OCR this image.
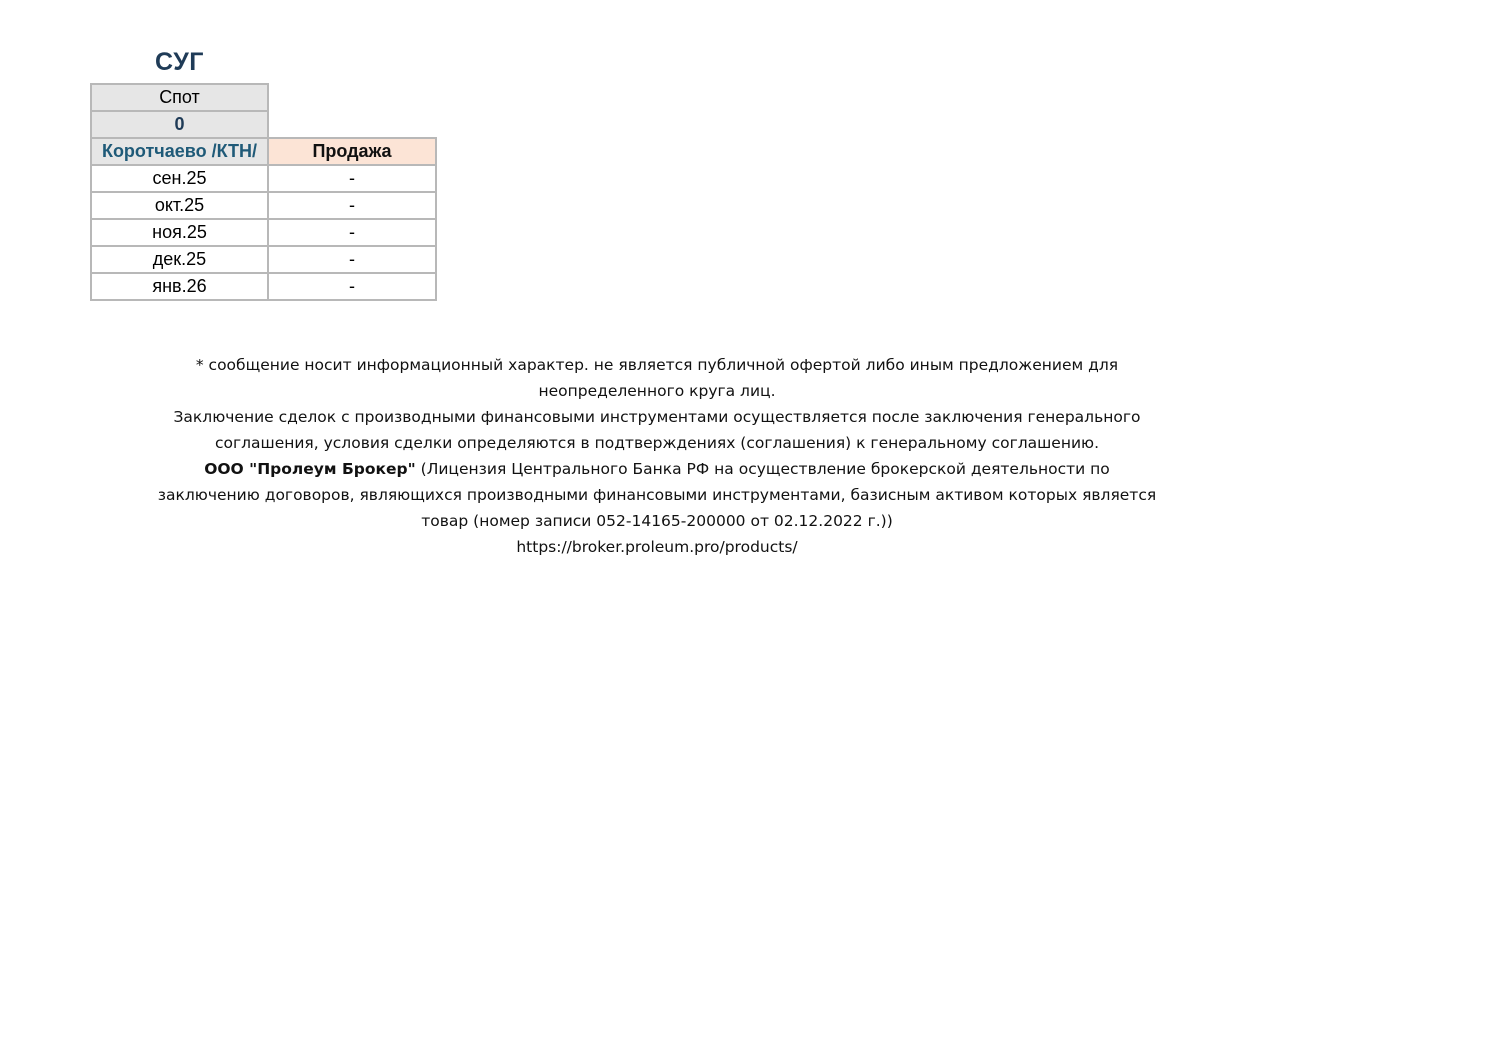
СУГ
Спот	
0	
Коротчаево /КТН/	Продажа
сен.25	-
окт.25	-
ноя.25	-
дек.25	-
янв.26	-

* сообщение носит информационный характер. не является публичной офертой либо иным предложением для неопределенного круга лиц.

Заключение сделок с производными финансовыми инструментами осуществляется после заключения генерального соглашения, условия сделки определяются в подтверждениях (соглашения) к генеральному соглашению.

ООО "Пролеум Брокер" (Лицензия Центрального Банка РФ на осуществление брокерской деятельности по заключению договоров, являющихся производными финансовыми инструментами, базисным активом которых является товар (номер записи 052-14165-200000 от 02.12.2022 г.))

https://broker.proleum.pro/products/
